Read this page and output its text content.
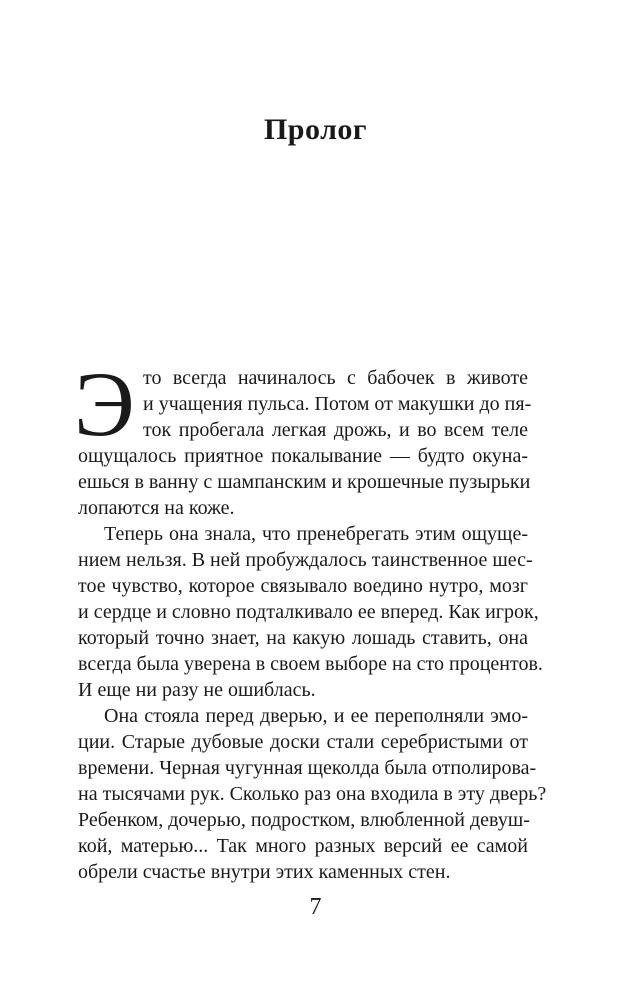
Пролог
Э то всегда начиналось с бабочек в животе
и учащения пульса. Потом от макушки до пя-
ток пробегала легкая дрожь, и во всем теле
ощущалось приятное покалывание — будто окуна-
ешься в ванну с шампанским и крошечные пузырьки
лопаются на коже.
Теперь она знала, что пренебрегать этим ощуще-
нием нельзя. В ней пробуждалось таинственное шес-
тое чувство, которое связывало воедино нутро, мозг
и сердце и словно подталкивало ее вперед. Как игрок,
который точно знает, на какую лошадь ставить, она
всегда была уверена в своем выборе на сто процентов.
И еще ни разу не ошиблась.
Она стояла перед дверью, и ее переполняли эмо-
ции. Старые дубовые доски стали серебристыми от
времени. Черная чугунная щеколда была отполирова-
на тысячами рук. Сколько раз она входила в эту дверь?
Ребенком, дочерью, подростком, влюбленной девуш-
кой, матерью... Так много разных версий ее самой
обрели счастье внутри этих каменных стен.
7
